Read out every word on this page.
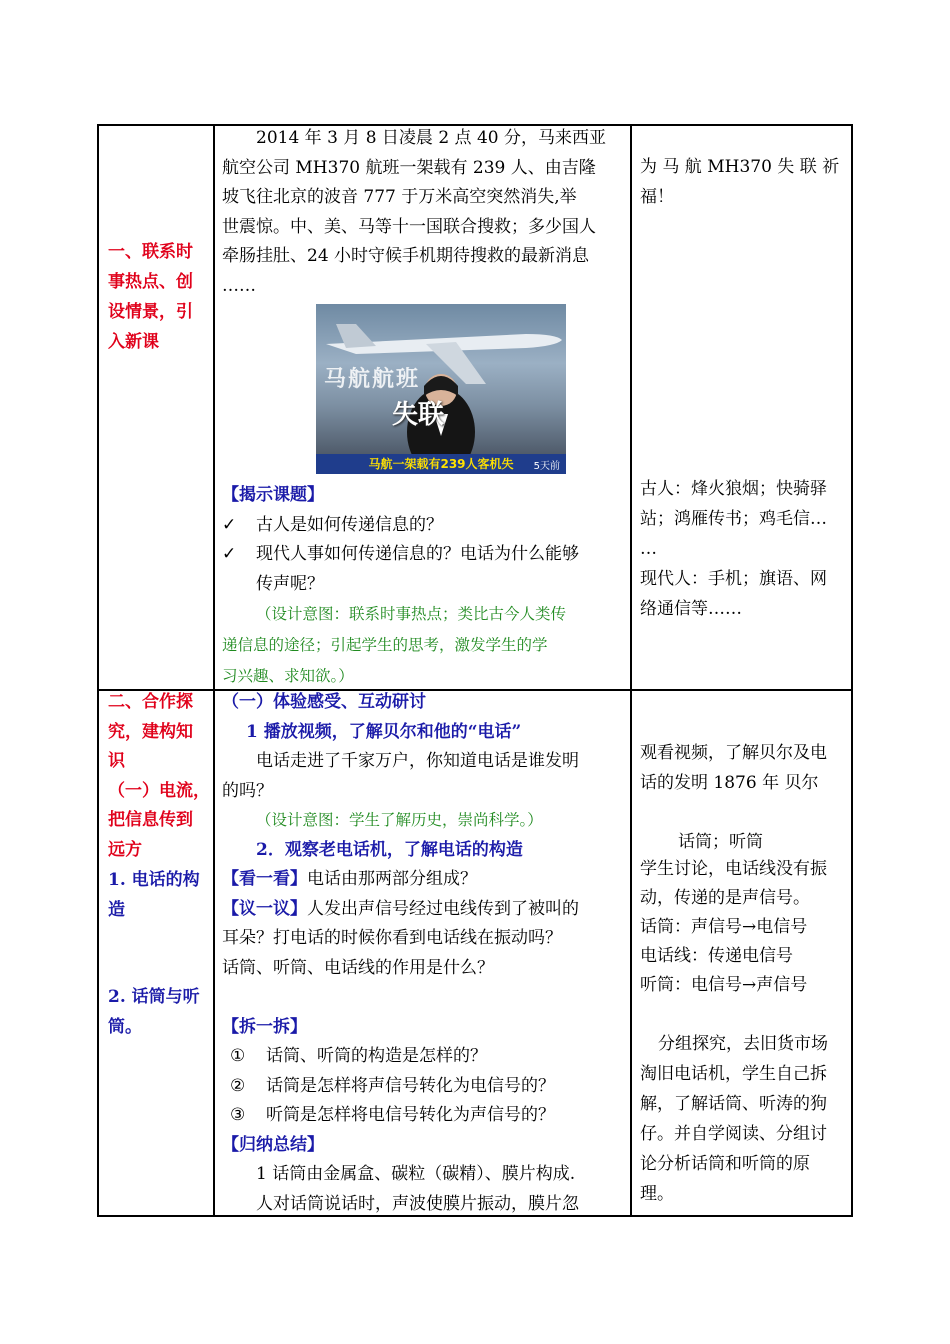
一、联系时
事热点、创
设情景，引
入新课
2014 年 3 月 8 日凌晨 2 点 40 分，马来西亚
航空公司 MH370 航班一架载有 239 人、由吉隆
坡飞往北京的波音 777 于万米高空突然消失,举
世震惊。中、美、马等十一国联合搜救；多少国人
牵肠挂肚、24 小时守候手机期待搜救的最新消息
……
马航航班
失联
马航一架载有239人客机失	5天前
【揭示课题】
✓ 古人是如何传递信息的？
✓ 现代人事如何传递信息的？电话为什么能够
传声呢？
（设计意图：联系时事热点；类比古今人类传
递信息的途径；引起学生的思考，激发学生的学
习兴趣、求知欲。）
为 马 航 MH370 失 联 祈
福！
古人：烽火狼烟；快骑驿
站；鸿雁传书；鸡毛信…
…
现代人：手机；旗语、网
络通信等……
二、合作探
究，建构知
识
（一）电流，
把信息传到
远方
1. 电话的构
造
2. 话筒与听
筒。
（一）体验感受、互动研讨
1 播放视频，了解贝尔和他的“电话”
电话走进了千家万户，你知道电话是谁发明
的吗？
（设计意图：学生了解历史，崇尚科学。）
2．观察老电话机，了解电话的构造
【看一看】电话由那两部分组成？
【议一议】人发出声信号经过电线传到了被叫的
耳朵？打电话的时候你看到电话线在振动吗？
话筒、听筒、电话线的作用是什么？

【拆一拆】
① 话筒、听筒的构造是怎样的？
② 话筒是怎样将声信号转化为电信号的？
③ 听筒是怎样将电信号转化为声信号的？
【归纳总结】
1 话筒由金属盒、碳粒（碳精）、膜片构成.
人对话筒说话时，声波使膜片振动，膜片忽
观看视频，了解贝尔及电
话的发明 1876 年 贝尔
话筒；听筒
学生讨论，电话线没有振
动，传递的是声信号。
话筒：声信号→电信号
电话线：传递电信号
听筒：电信号→声信号
分组探究，去旧货市场
淘旧电话机，学生自己拆
解，了解话筒、听涛的狗
仔。并自学阅读、分组讨
论分析话筒和听筒的原
理。
